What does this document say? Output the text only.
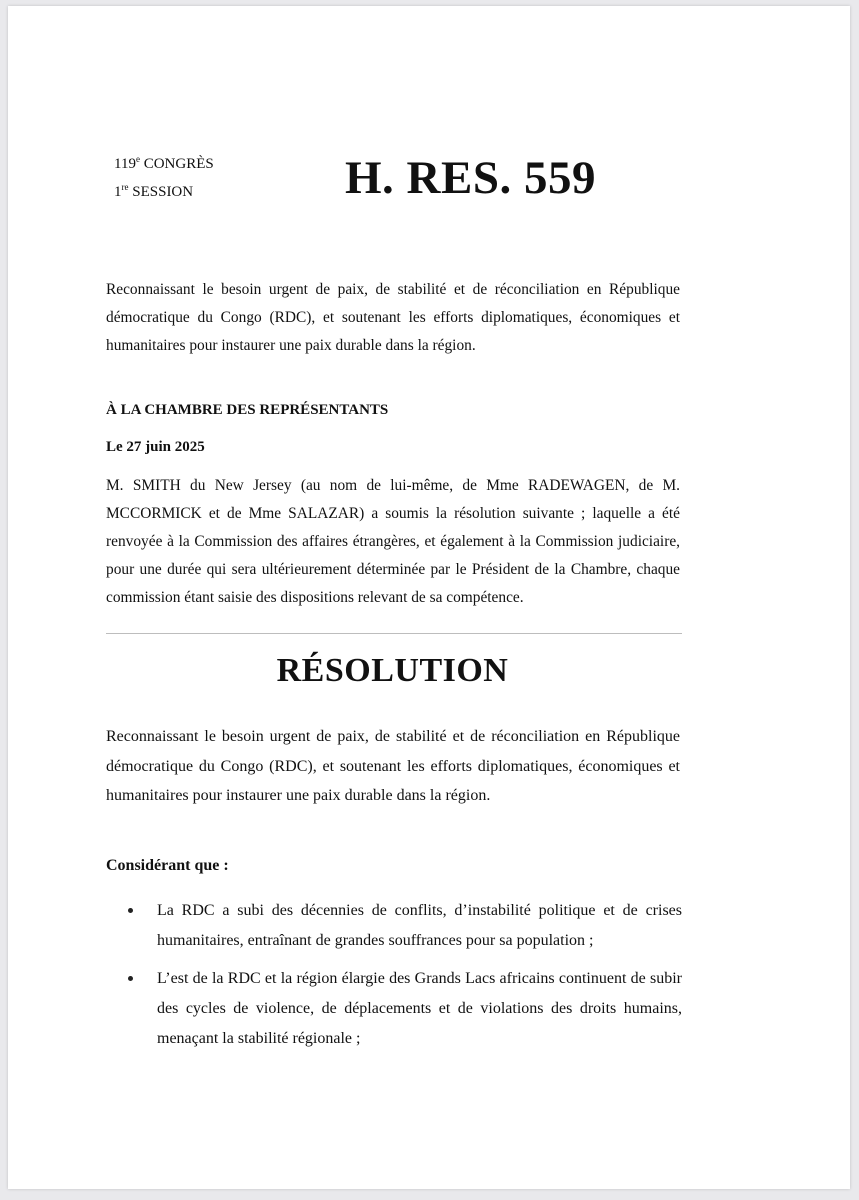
119e CONGRÈS
1re SESSION	H. RES. 559
Reconnaissant le besoin urgent de paix, de stabilité et de réconciliation en République démocratique du Congo (RDC), et soutenant les efforts diplomatiques, économiques et humanitaires pour instaurer une paix durable dans la région.
À LA CHAMBRE DES REPRÉSENTANTS
Le 27 juin 2025
M. SMITH du New Jersey (au nom de lui-même, de Mme RADEWAGEN, de M. MCCORMICK et de Mme SALAZAR) a soumis la résolution suivante ; laquelle a été renvoyée à la Commission des affaires étrangères, et également à la Commission judiciaire, pour une durée qui sera ultérieurement déterminée par le Président de la Chambre, chaque commission étant saisie des dispositions relevant de sa compétence.
RÉSOLUTION
Reconnaissant le besoin urgent de paix, de stabilité et de réconciliation en République démocratique du Congo (RDC), et soutenant les efforts diplomatiques, économiques et humanitaires pour instaurer une paix durable dans la région.
Considérant que :
La RDC a subi des décennies de conflits, d’instabilité politique et de crises humanitaires, entraînant de grandes souffrances pour sa population ;
L’est de la RDC et la région élargie des Grands Lacs africains continuent de subir des cycles de violence, de déplacements et de violations des droits humains, menaçant la stabilité régionale ;
